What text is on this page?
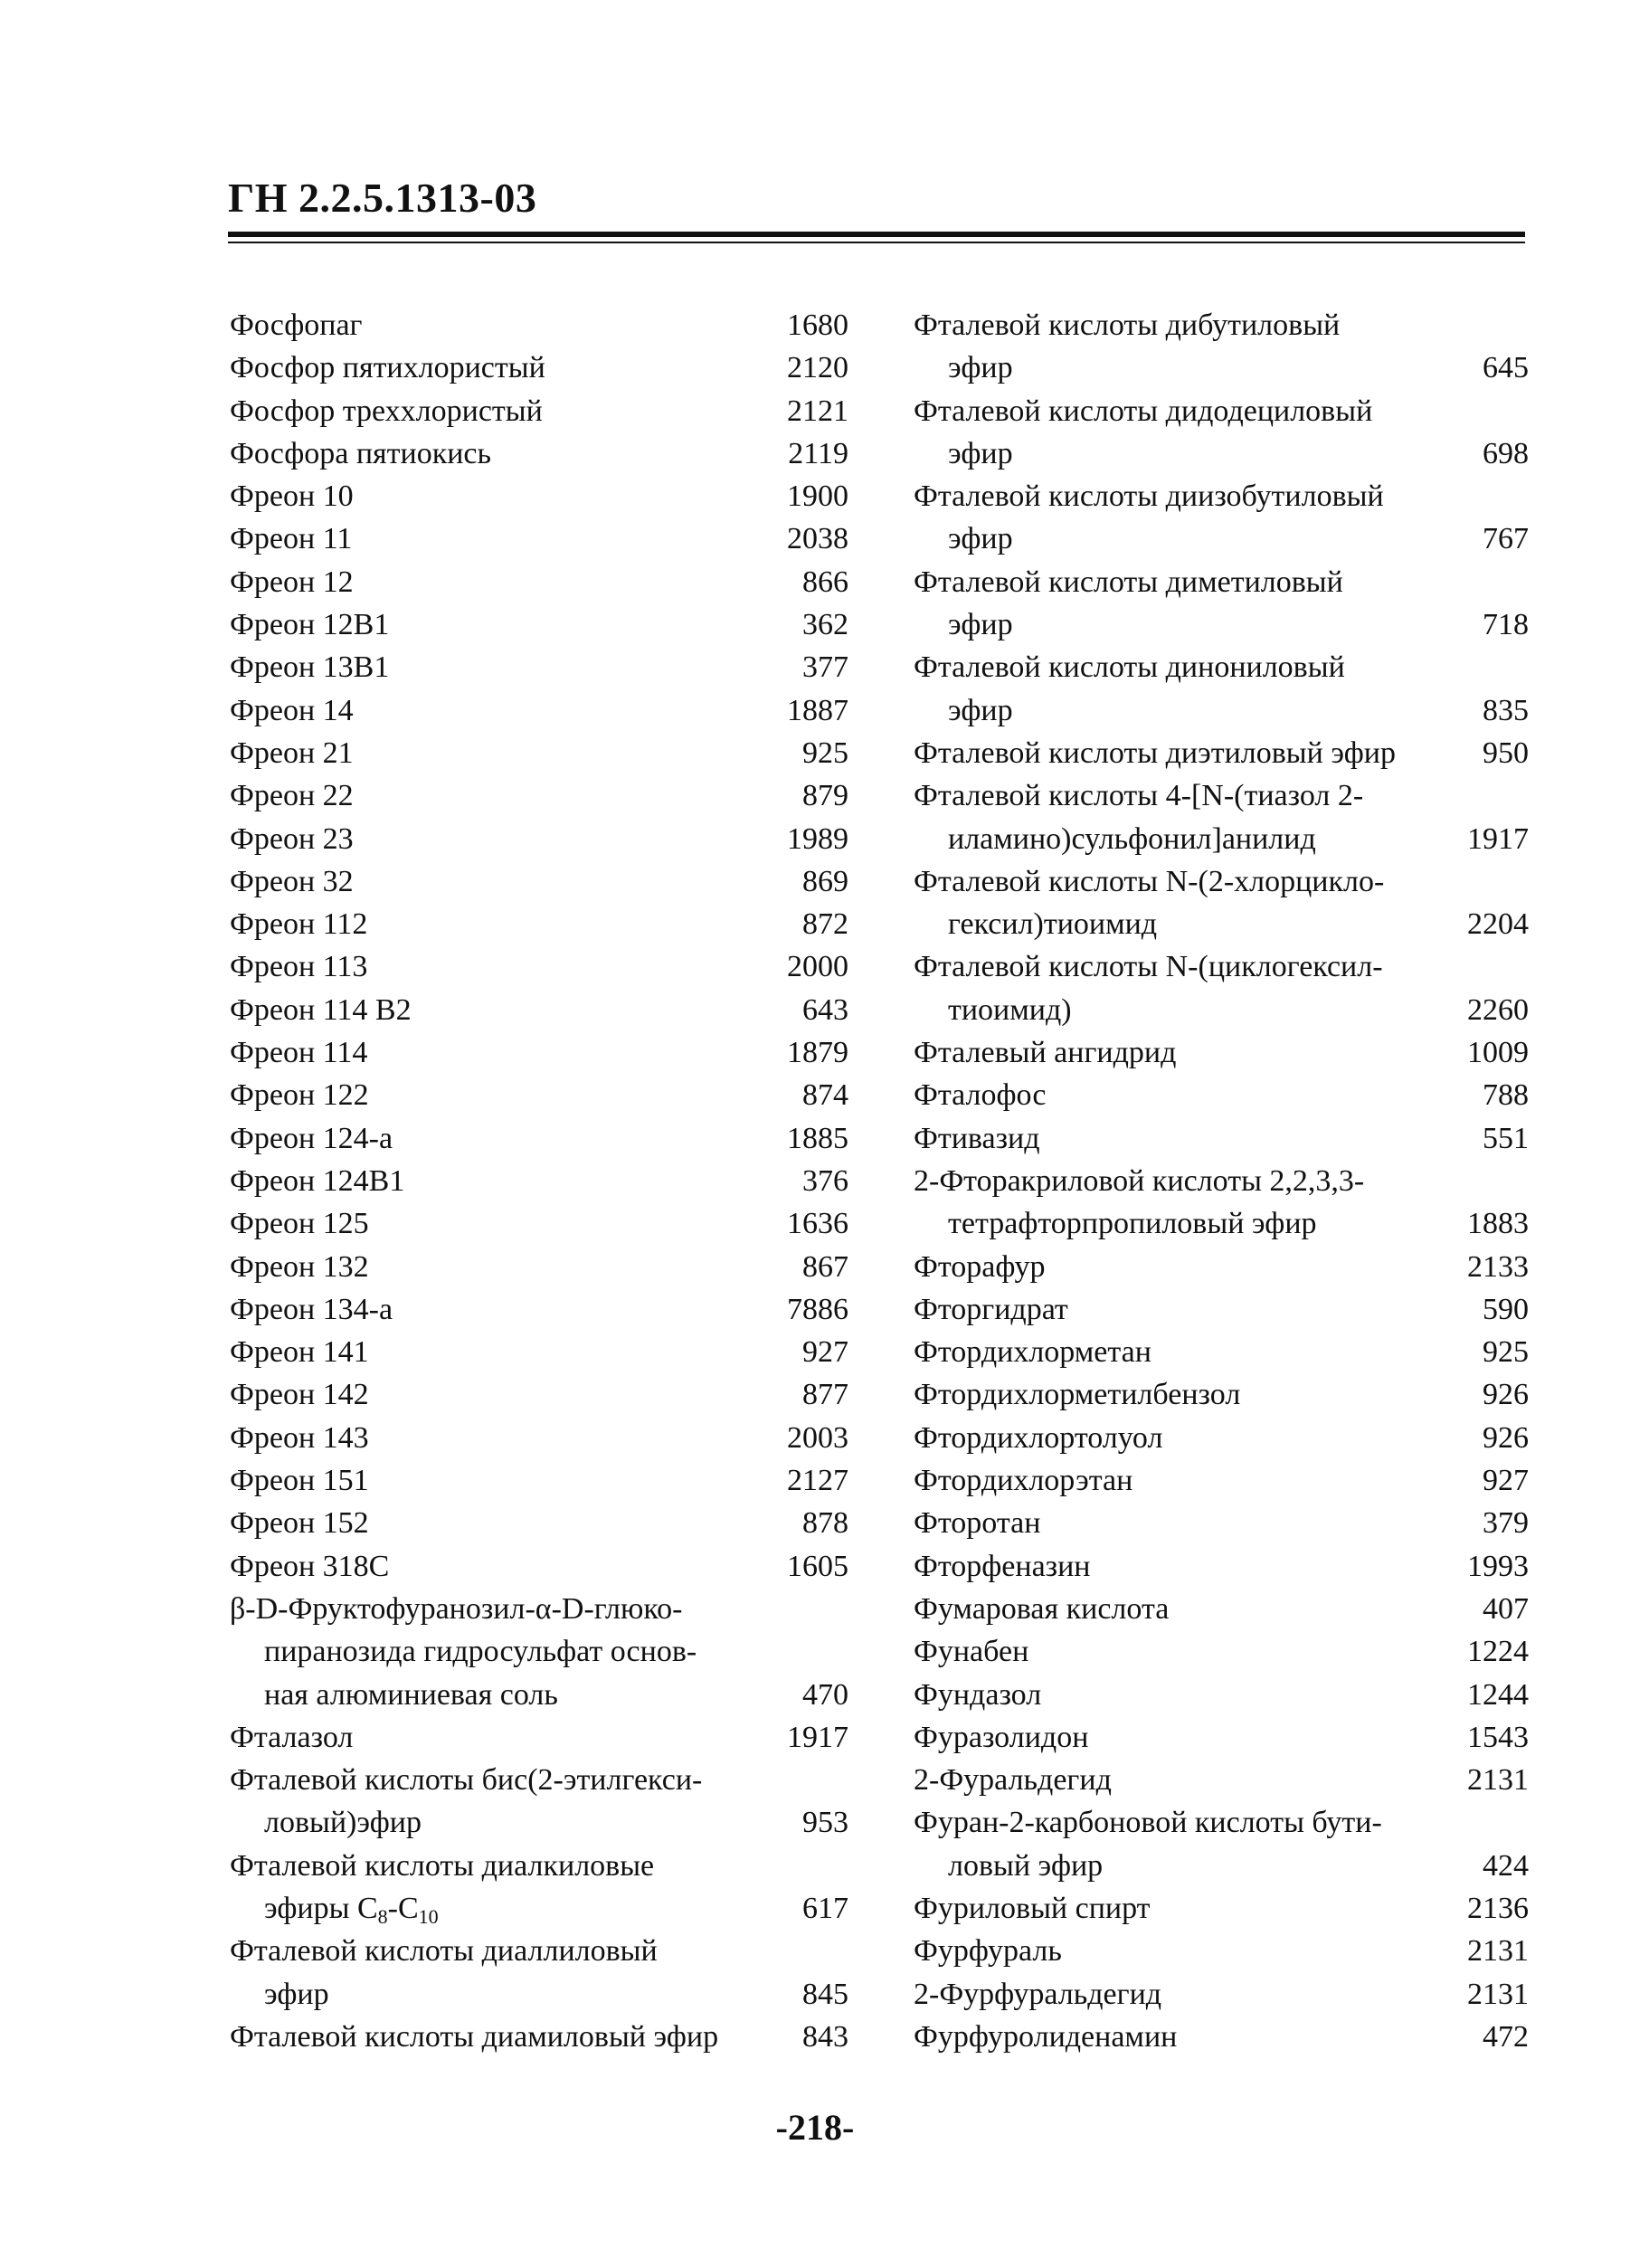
ГН 2.2.5.1313-03
Фосфопаг	1680
Фосфор пятихлористый	2120
Фосфор треххлористый	2121
Фосфора пятиокись	2119
Фреон 10	1900
Фреон 11	2038
Фреон 12	866
Фреон 12В1	362
Фреон 13В1	377
Фреон 14	1887
Фреон 21	925
Фреон 22	879
Фреон 23	1989
Фреон 32	869
Фреон 112	872
Фреон 113	2000
Фреон 114 В2	643
Фреон 114	1879
Фреон 122	874
Фреон 124-а	1885
Фреон 124В1	376
Фреон 125	1636
Фреон 132	867
Фреон 134-а	7886
Фреон 141	927
Фреон 142	877
Фреон 143	2003
Фреон 151	2127
Фреон 152	878
Фреон 318С	1605
β-D-Фруктофуранозил-α-D-глюко-
пиранозида гидросульфат основ-
ная алюминиевая соль	470
Фталазол	1917
Фталевой кислоты бис(2-этилгекси-
ловый)эфир	953
Фталевой кислоты диалкиловые
эфиры $C_8-C_{10}$	617
Фталевой кислоты диаллиловый
эфир	845
Фталевой кислоты диамиловый эфир	843
Фталевой кислоты дибутиловый
эфир	645
Фталевой кислоты дидодециловый
эфир	698
Фталевой кислоты диизобутиловый
эфир	767
Фталевой кислоты диметиловый
эфир	718
Фталевой кислоты динониловый
эфир	835
Фталевой кислоты диэтиловый эфир	950
Фталевой кислоты 4-[N-(тиазол 2-
иламино)сульфонил]анилид	1917
Фталевой кислоты N-(2-хлорцикло-
гексил)тиоимид	2204
Фталевой кислоты N-(циклогексил-
тиоимид)	2260
Фталевый ангидрид	1009
Фталофос	788
Фтивазид	551
2-Фторакриловой кислоты 2,2,3,3-
тетрафторпропиловый эфир	1883
Фторафур	2133
Фторгидрат	590
Фтордихлорметан	925
Фтордихлорметилбензол	926
Фтордихлортолуол	926
Фтордихлорэтан	927
Фторотан	379
Фторфеназин	1993
Фумаровая кислота	407
Фунабен	1224
Фундазол	1244
Фуразолидон	1543
2-Фуральдегид	2131
Фуран-2-карбоновой кислоты бути-
ловый эфир	424
Фуриловый спирт	2136
Фурфураль	2131
2-Фурфуральдегид	2131
Фурфуролиденамин	472
-218-
